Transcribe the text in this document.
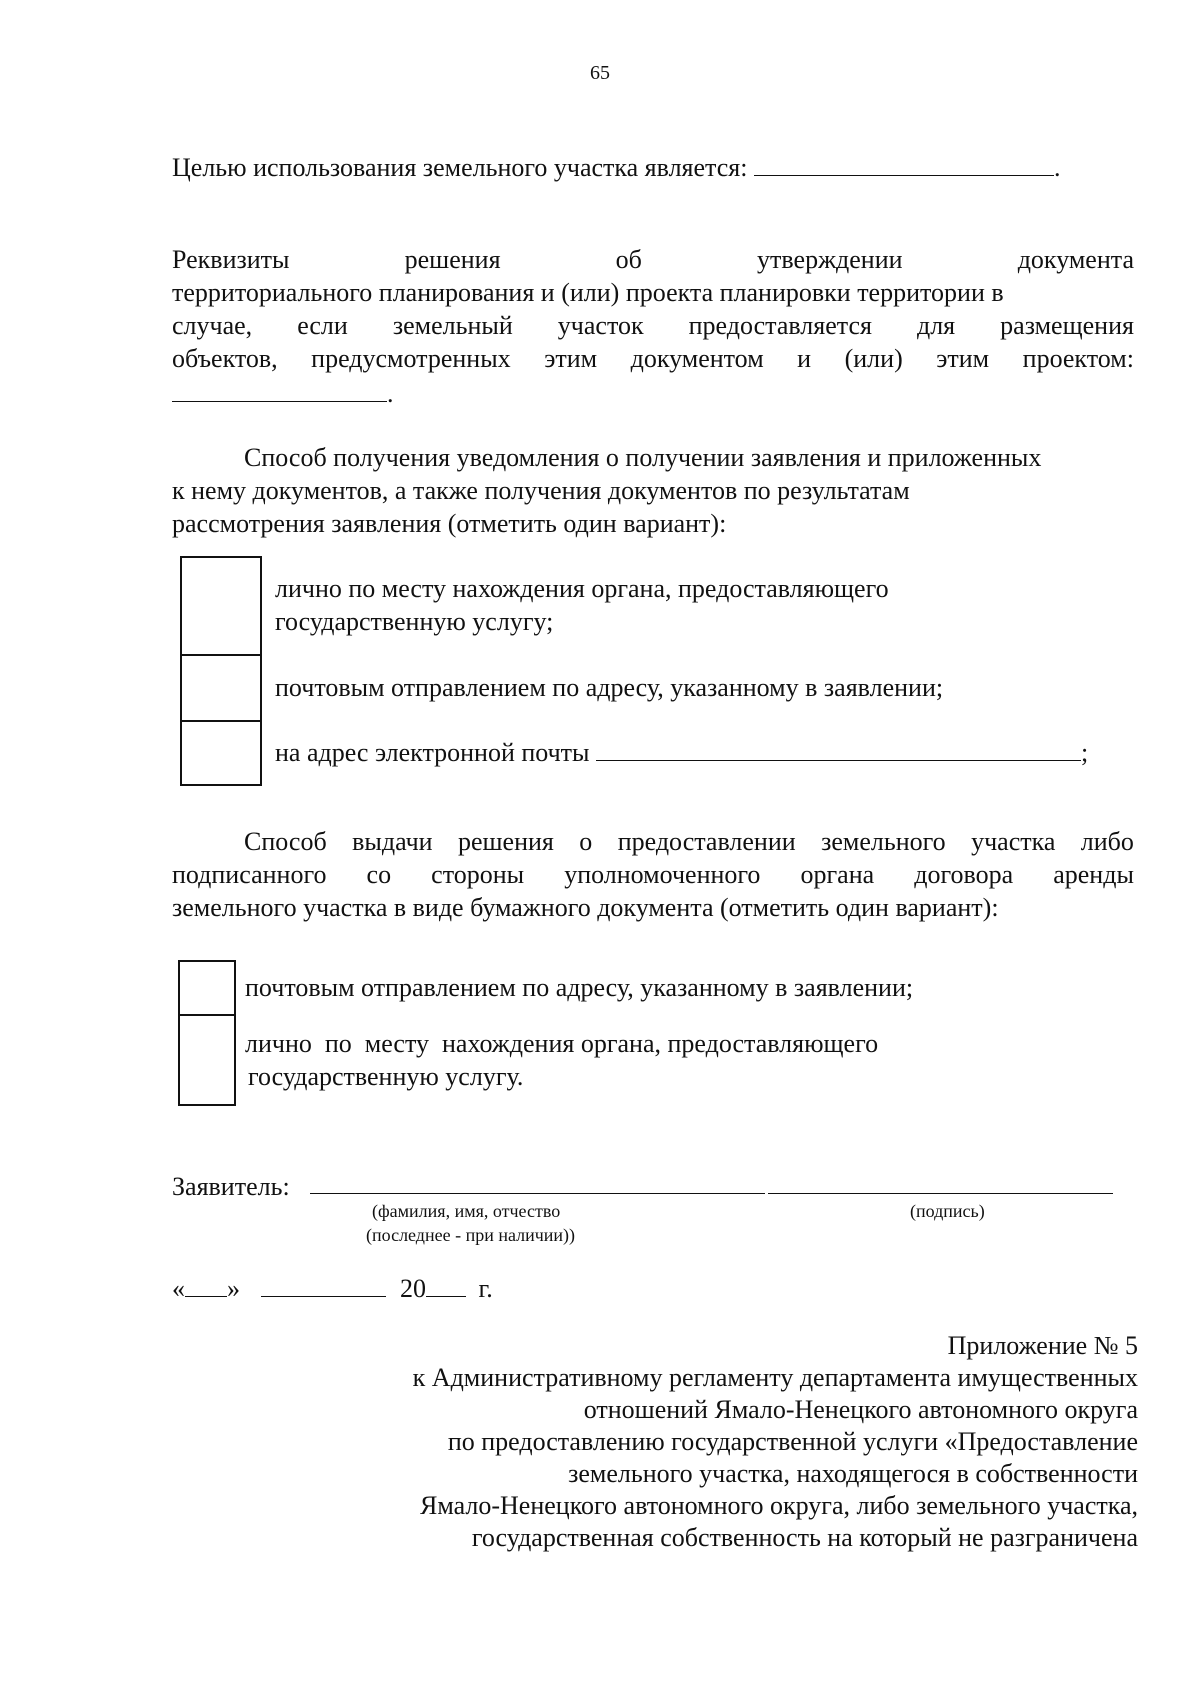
65
Целью использования земельного участка является:	.
Реквизиты	решения	об	утверждении	документа
территориального планирования и (или) проекта планировки территории в
случае, если земельный участок предоставляется для размещения
объектов, предусмотренных этим документом и (или) этим проектом:
.
Способ получения уведомления о получении заявления и приложенных
к нему документов, а также получения документов по результатам
рассмотрения заявления (отметить один вариант):
лично по месту нахождения органа, предоставляющего
государственную услугу;
почтовым отправлением по адресу, указанному в заявлении;
на адрес электронной почты	;
Способ выдачи решения о предоставлении земельного участка либо
подписанного со стороны уполномоченного органа договора аренды
земельного участка в виде бумажного документа (отметить один вариант):
почтовым отправлением по адресу, указанному в заявлении;
лично  по  месту  нахождения органа, предоставляющего
государственную услугу.
Заявитель:
(фамилия, имя, отчество
(последнее - при наличии))
(подпись)
« »	20 г.
Приложение № 5
к Административному регламенту департамента имущественных
отношений Ямало-Ненецкого автономного округа
по предоставлению государственной услуги «Предоставление
земельного участка, находящегося в собственности
Ямало-Ненецкого автономного округа, либо земельного участка,
государственная собственность на который не разграничена
